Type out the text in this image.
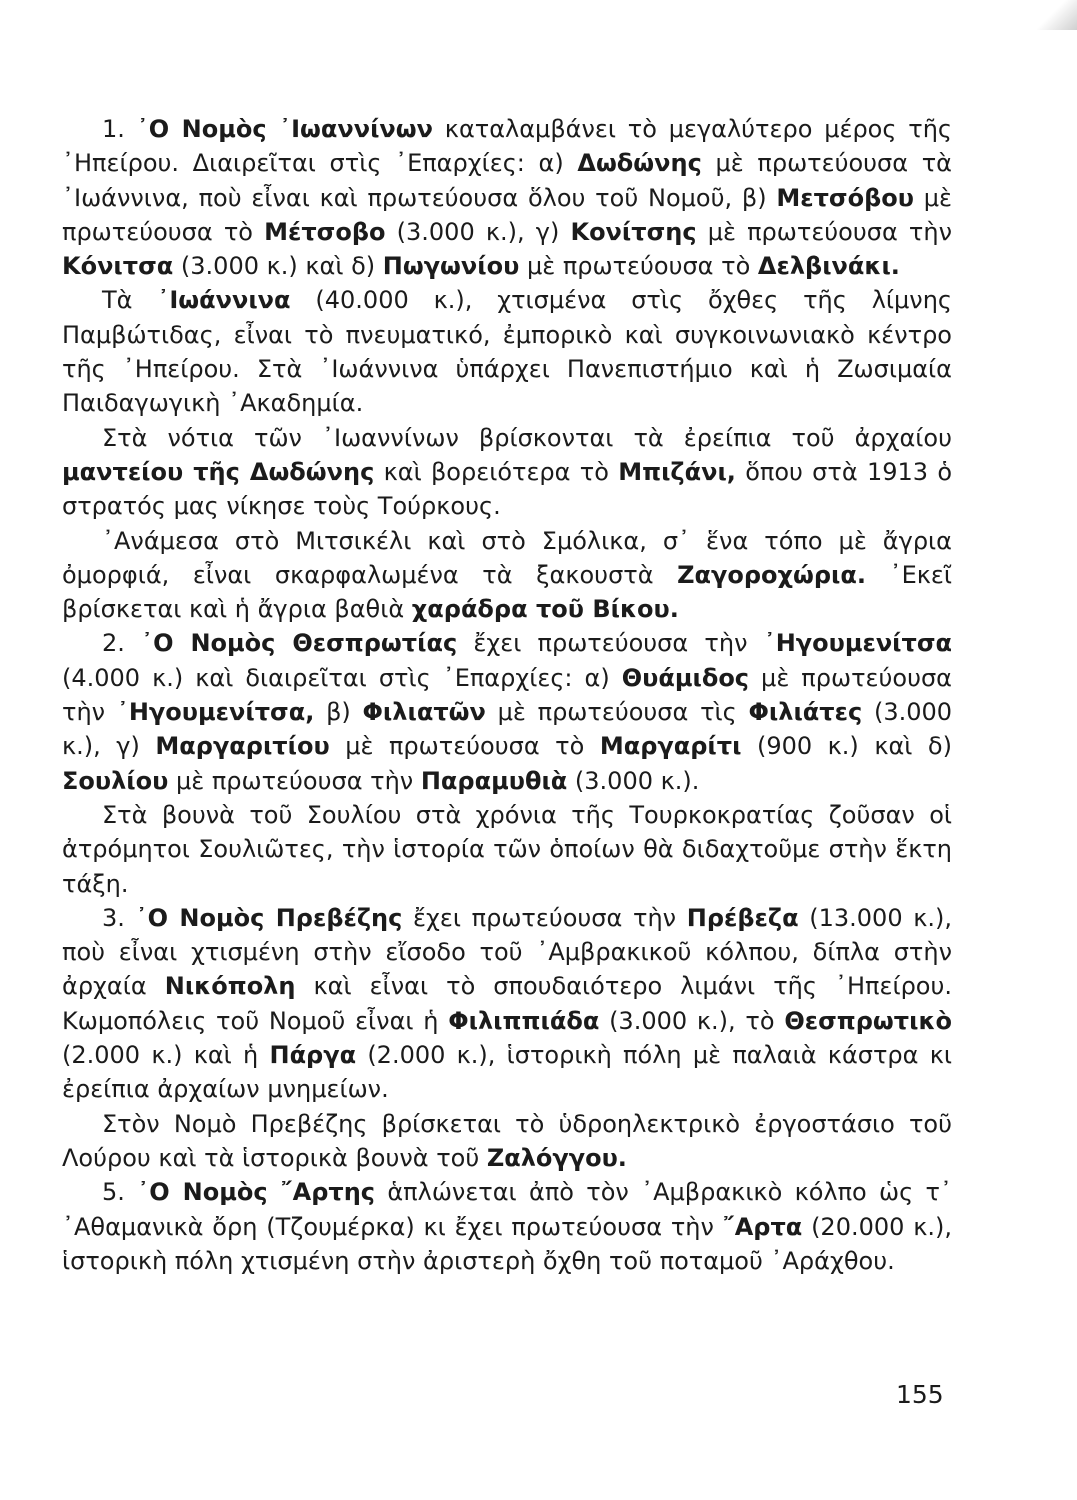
1. ᾽Ο Νομὸς ᾽Ιωαννίνων καταλαμβάνει τὸ μεγαλύτερο μέρος τῆς ᾽Ηπείρου. Διαιρεῖται στὶς ᾽Επαρχίες: α) Δωδώνης μὲ πρωτεύουσα τὰ ᾽Ιωάννινα, ποὺ εἶναι καὶ πρωτεύουσα ὅλου τοῦ Νομοῦ, β) Μετσόβου μὲ πρωτεύουσα τὸ Μέτσοβο (3.000 κ.), γ) Κονίτσης μὲ πρωτεύουσα τὴν Κόνιτσα (3.000 κ.) καὶ δ) Πωγωνίου μὲ πρωτεύουσα τὸ Δελβινάκι.

Τὰ ᾽Ιωάννινα (40.000 κ.), χτισμένα στὶς ὄχθες τῆς λίμνης Παμβώτιδας, εἶναι τὸ πνευματικό, ἐμπορικὸ καὶ συγκοινωνιακὸ κέντρο τῆς ᾽Ηπείρου. Στὰ ᾽Ιωάννινα ὑπάρχει Πανεπιστήμιο καὶ ἡ Ζωσιμαία Παιδαγωγικὴ ᾽Ακαδημία.

Στὰ νότια τῶν ᾽Ιωαννίνων βρίσκονται τὰ ἐρείπια τοῦ ἀρχαίου μαντείου τῆς Δωδώνης καὶ βορειότερα τὸ Μπιζάνι, ὅπου στὰ 1913 ὁ στρατός μας νίκησε τοὺς Τούρκους.

᾽Ανάμεσα στὸ Μιτσικέλι καὶ στὸ Σμόλικα, σ᾽ ἕνα τόπο μὲ ἄγρια ὀμορφιά, εἶναι σκαρφαλωμένα τὰ ξακουστὰ Ζαγοροχώρια. ᾽Εκεῖ βρίσκεται καὶ ἡ ἄγρια βαθιὰ χαράδρα τοῦ Βίκου.

2. ᾽Ο Νομὸς Θεσπρωτίας ἔχει πρωτεύουσα τὴν ᾽Ηγουμενίτσα (4.000 κ.) καὶ διαιρεῖται στὶς ᾽Επαρχίες: α) Θυάμιδος μὲ πρωτεύουσα τὴν ᾽Ηγουμενίτσα, β) Φιλιατῶν μὲ πρωτεύουσα τὶς Φιλιάτες (3.000 κ.), γ) Μαργαριτίου μὲ πρωτεύουσα τὸ Μαργαρίτι (900 κ.) καὶ δ) Σουλίου μὲ πρωτεύουσα τὴν Παραμυθιὰ (3.000 κ.).

Στὰ βουνὰ τοῦ Σουλίου στὰ χρόνια τῆς Τουρκοκρατίας ζοῦσαν οἱ ἀτρόμητοι Σουλιῶτες, τὴν ἱστορία τῶν ὁποίων θὰ διδαχτοῦμε στὴν ἕκτη τάξη.

3. ᾽Ο Νομὸς Πρεβέζης ἔχει πρωτεύουσα τὴν Πρέβεζα (13.000 κ.), ποὺ εἶναι χτισμένη στὴν εἴσοδο τοῦ ᾽Αμβρακικοῦ κόλπου, δίπλα στὴν ἀρχαία Νικόπολη καὶ εἶναι τὸ σπουδαιότερο λιμάνι τῆς ᾽Ηπείρου. Κωμοπόλεις τοῦ Νομοῦ εἶναι ἡ Φιλιππιάδα (3.000 κ.), τὸ Θεσπρωτικὸ (2.000 κ.) καὶ ἡ Πάργα (2.000 κ.), ἱστορικὴ πόλη μὲ παλαιὰ κάστρα κι ἐρείπια ἀρχαίων μνημείων.

Στὸν Νομὸ Πρεβέζης βρίσκεται τὸ ὑδροηλεκτρικὸ ἐργοστάσιο τοῦ Λούρου καὶ τὰ ἱστορικὰ βουνὰ τοῦ Ζαλόγγου.

5. ᾽Ο Νομὸς ῎Αρτης ἁπλώνεται ἀπὸ τὸν ᾽Αμβρακικὸ κόλπο ὡς τ᾽ ᾽Αθαμανικὰ ὄρη (Τζουμέρκα) κι ἔχει πρωτεύουσα τὴν ῎Αρτα (20.000 κ.), ἱστορικὴ πόλη χτισμένη στὴν ἀριστερὴ ὄχθη τοῦ ποταμοῦ ᾽Αράχθου.

155
